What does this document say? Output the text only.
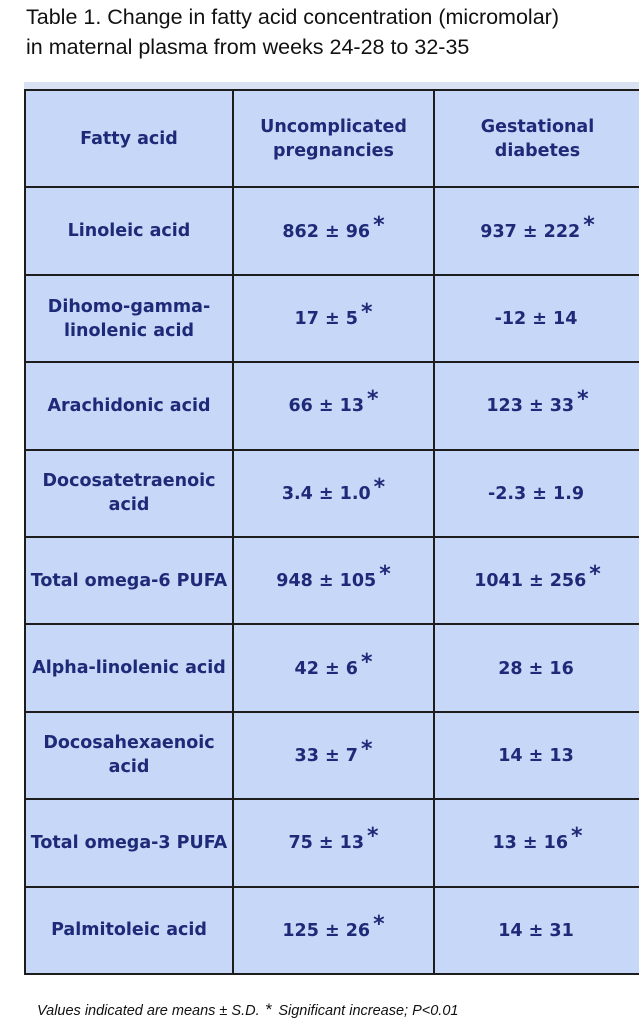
Table 1. Change in fatty acid concentration (micromolar)
in maternal plasma from weeks 24-28 to 32-35
Fatty acid	Uncomplicated pregnancies	Gestational diabetes
Linoleic acid	862 ± 96 *	937 ± 222 *
Dihomo-gamma-linolenic acid	17 ± 5 *	-12 ± 14
Arachidonic acid	66 ± 13 *	123 ± 33 *
Docosatetraenoic acid	3.4 ± 1.0 *	-2.3 ± 1.9
Total omega-6 PUFA	948 ± 105 *	1041 ± 256 *
Alpha-linolenic acid	42 ± 6 *	28 ± 16
Docosahexaenoic acid	33 ± 7 *	14 ± 13
Total omega-3 PUFA	75 ± 13 *	13 ± 16 *
Palmitoleic acid	125 ± 26 *	14 ± 31
Values indicated are means ± S.D. * Significant increase; P<0.01
